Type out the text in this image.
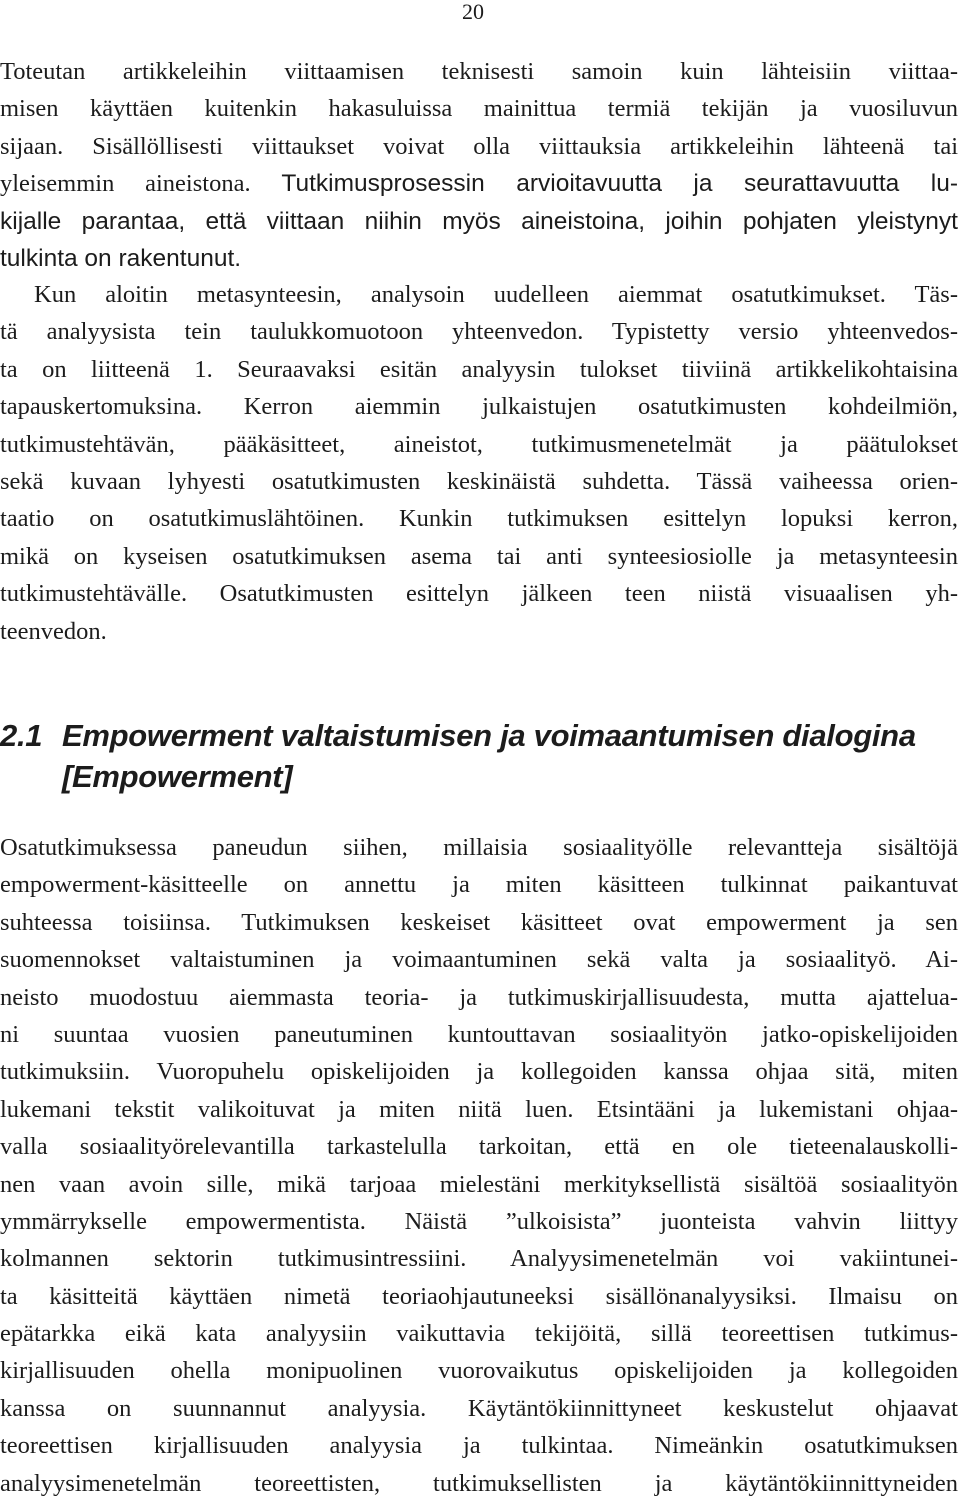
20
Toteutan artikkeleihin viittaamisen teknisesti samoin kuin lähteisiin viittaa-
misen käyttäen kuitenkin hakasuluissa mainittua termiä tekijän ja vuosiluvun
sijaan. Sisällöllisesti viittaukset voivat olla viittauksia artikkeleihin lähteenä tai
yleisemmin aineistona. Tutkimusprosessin arvioitavuutta ja seurattavuutta lu-
kijalle parantaa, että viittaan niihin myös aineistoina, joihin pohjaten yleistynyt
tulkinta on rakentunut.
Kun aloitin metasynteesin, analysoin uudelleen aiemmat osatutkimukset. Täs-
tä analyysista tein taulukkomuotoon yhteenvedon. Typistetty versio yhteenvedos-
ta on liitteenä 1. Seuraavaksi esitän analyysin tulokset tiiviinä artikkelikohtaisina
tapauskertomuksina. Kerron aiemmin julkaistujen osatutkimusten kohdeilmiön,
tutkimustehtävän, pääkäsitteet, aineistot, tutkimusmenetelmät ja päätulokset
sekä kuvaan lyhyesti osatutkimusten keskinäistä suhdetta. Tässä vaiheessa orien-
taatio on osatutkimuslähtöinen. Kunkin tutkimuksen esittelyn lopuksi kerron,
mikä on kyseisen osatutkimuksen asema tai anti synteesiosiolle ja metasynteesin
tutkimustehtävälle. Osatutkimusten esittelyn jälkeen teen niistä visuaalisen yh-
teenvedon.
2.1 Empowerment valtaistumisen ja voimaantumisen dialogina
[Empowerment]
Osatutkimuksessa paneudun siihen, millaisia sosiaalityölle relevantteja sisältöjä
empowerment-käsitteelle on annettu ja miten käsitteen tulkinnat paikantuvat
suhteessa toisiinsa. Tutkimuksen keskeiset käsitteet ovat empowerment ja sen
suomennokset valtaistuminen ja voimaantuminen sekä valta ja sosiaalityö. Ai-
neisto muodostuu aiemmasta teoria- ja tutkimuskirjallisuudesta, mutta ajatteluа-
ni suuntaa vuosien paneutuminen kuntouttavan sosiaalityön jatko-opiskelijoiden
tutkimuksiin. Vuoropuhelu opiskelijoiden ja kollegoiden kanssa ohjaa sitä, miten
lukemani tekstit valikoituvat ja miten niitä luen. Etsintääni ja lukemistani ohjaa-
valla sosiaalityörelevantilla tarkastelulla tarkoitan, että en ole tieteenalauskolli-
nen vaan avoin sille, mikä tarjoaa mielestäni merkityksellistä sisältöä sosiaalityön
ymmärrykselle empowermentista. Näistä ”ulkoisista” juonteista vahvin liittyy
kolmannen sektorin tutkimusintressiini. Analyysimenetelmän voi vakiintunei-
ta käsitteitä käyttäen nimetä teoriaohjautuneeksi sisällönanalyysiksi. Ilmaisu on
epätarkka eikä kata analyysiin vaikuttavia tekijöitä, sillä teoreettisen tutkimus-
kirjallisuuden ohella monipuolinen vuorovaikutus opiskelijoiden ja kollegoiden
kanssa on suunnannut analyysia. Käytäntökiinnittyneet keskustelut ohjaavat
teoreettisen kirjallisuuden analyysia ja tulkintaa. Nimeänkin osatutkimuksen
analyysimenetelmän teoreettisten, tutkimuksellisten ja käytäntökiinnittyneiden
